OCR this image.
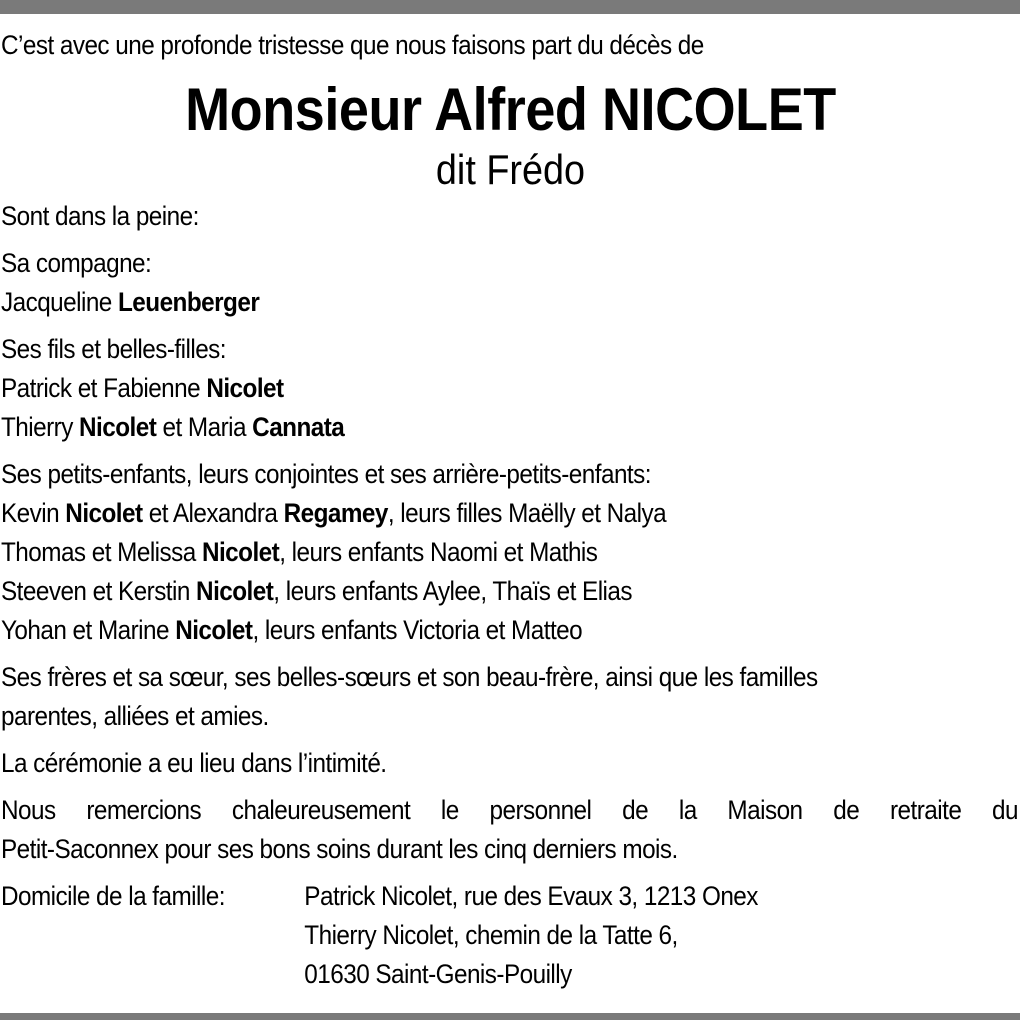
C’est avec une profonde tristesse que nous faisons part du décès de
Monsieur Alfred NICOLET
dit Frédo
Sont dans la peine:
Sa compagne:
Jacqueline Leuenberger
Ses fils et belles-filles:
Patrick et Fabienne Nicolet
Thierry Nicolet et Maria Cannata
Ses petits-enfants, leurs conjointes et ses arrière-petits-enfants:
Kevin Nicolet et Alexandra Regamey, leurs filles Maëlly et Nalya
Thomas et Melissa Nicolet, leurs enfants Naomi et Mathis
Steeven et Kerstin Nicolet, leurs enfants Aylee, Thaïs et Elias
Yohan et Marine Nicolet, leurs enfants Victoria et Matteo
Ses frères et sa sœur, ses belles-sœurs et son beau-frère, ainsi que les familles
parentes, alliées et amies.
La cérémonie a eu lieu dans l’intimité.
Nous remercions chaleureusement le personnel de la Maison de retraite du
Petit-Saconnex pour ses bons soins durant les cinq derniers mois.
Domicile de la famille:	Patrick Nicolet, rue des Evaux 3, 1213 Onex
Thierry Nicolet, chemin de la Tatte 6,
01630 Saint-Genis-Pouilly
